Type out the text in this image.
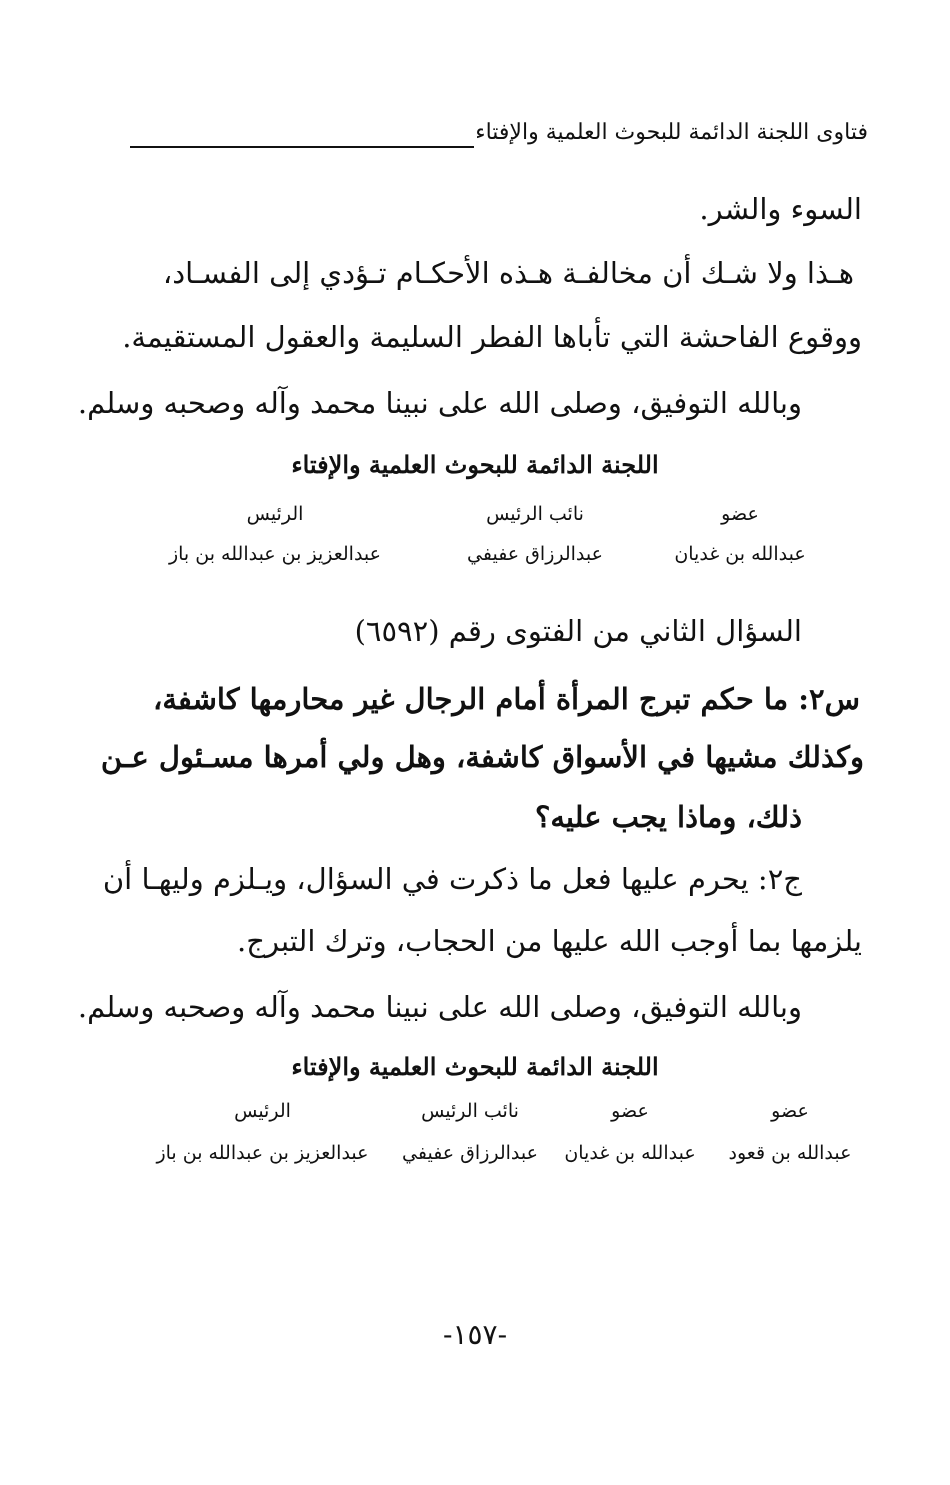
فتاوى اللجنة الدائمة للبحوث العلمية والإفتاء
السوء والشر.
هـذا ولا شـك أن مخالفـة هـذه الأحكـام تـؤدي إلى الفسـاد،
ووقوع الفاحشة التي تأباها الفطر السليمة والعقول المستقيمة.
وبالله التوفيق، وصلى الله على نبينا محمد وآله وصحبه وسلم.
اللجنة الدائمة للبحوث العلمية والإفتاء
عضو
عبدالله بن غديان
نائب الرئيس
عبدالرزاق عفيفي
الرئيس
عبدالعزيز بن عبدالله بن باز
السؤال الثاني من الفتوى رقم (٦٥٩٢)
س٢: ما حكم تبرج المرأة أمام الرجال غير محارمها كاشفة،
وكذلك مشيها في الأسواق كاشفة، وهل ولي أمرها مسـئول عـن
ذلك، وماذا يجب عليه؟
ج٢: يحرم عليها فعل ما ذكرت في السؤال، ويـلزم وليهـا أن
يلزمها بما أوجب الله عليها من الحجاب، وترك التبرج.
وبالله التوفيق، وصلى الله على نبينا محمد وآله وصحبه وسلم.
اللجنة الدائمة للبحوث العلمية والإفتاء
عضو
عبدالله بن قعود
عضو
عبدالله بن غديان
نائب الرئيس
عبدالرزاق عفيفي
الرئيس
عبدالعزيز بن عبدالله بن باز
-١٥٧-
